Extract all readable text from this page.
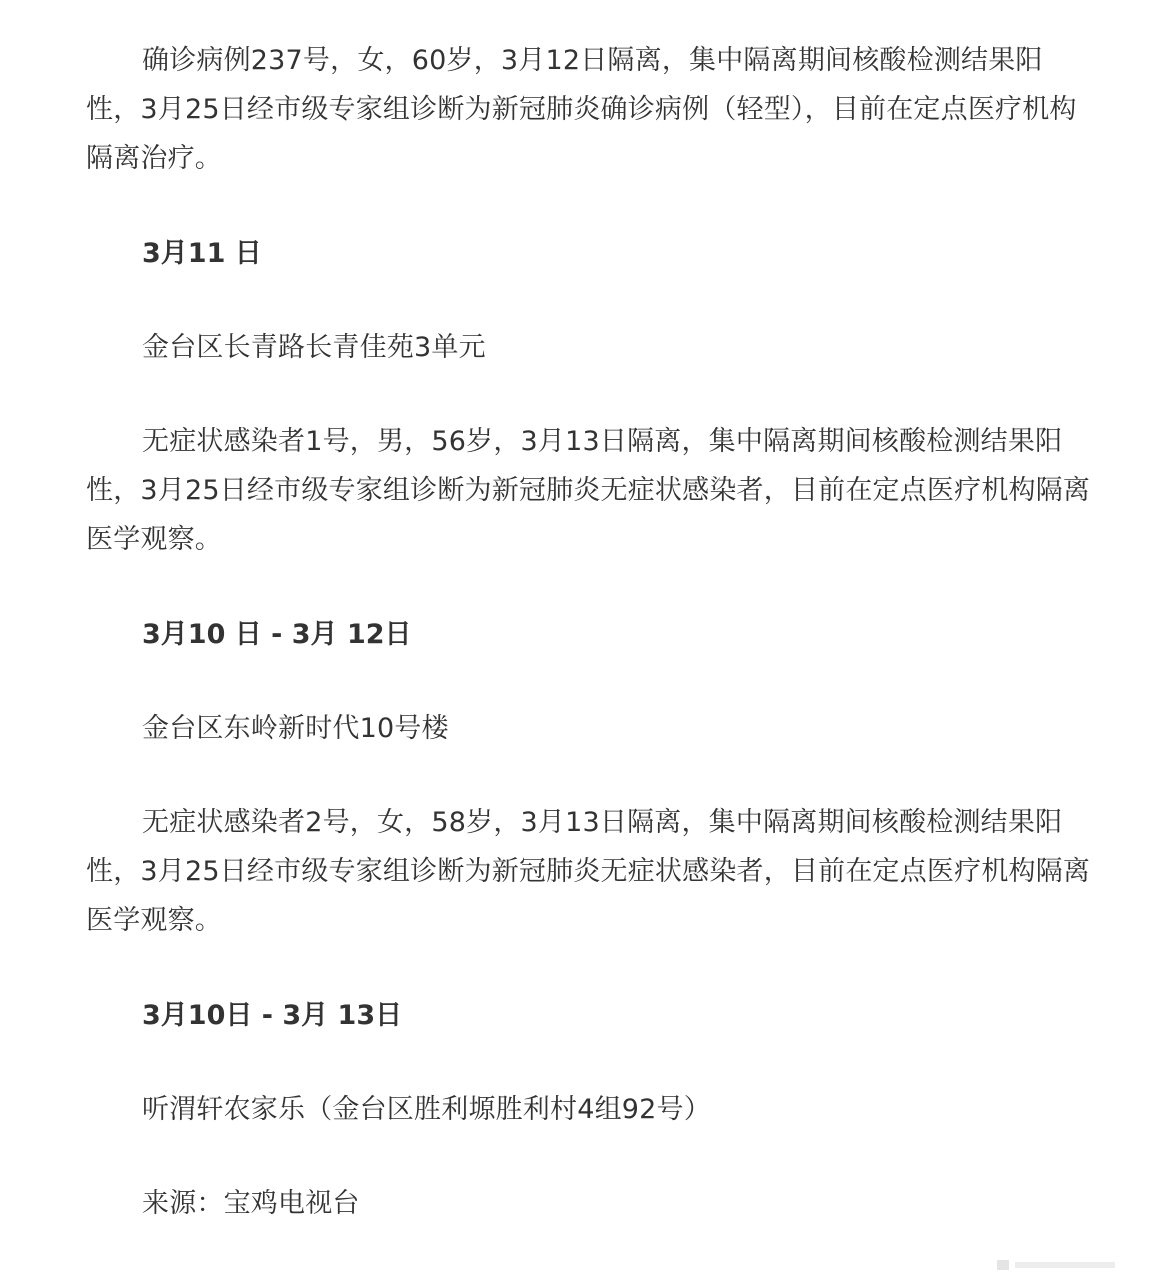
确诊病例237号，女，60岁，3月12日隔离，集中隔离期间核酸检测结果阳性，3月25日经市级专家组诊断为新冠肺炎确诊病例（轻型），目前在定点医疗机构隔离治疗。

3月11 日

金台区长青路长青佳苑3单元

无症状感染者1号，男，56岁，3月13日隔离，集中隔离期间核酸检测结果阳性，3月25日经市级专家组诊断为新冠肺炎无症状感染者，目前在定点医疗机构隔离医学观察。

3月10 日 - 3月 12日

金台区东岭新时代10号楼

无症状感染者2号，女，58岁，3月13日隔离，集中隔离期间核酸检测结果阳性，3月25日经市级专家组诊断为新冠肺炎无症状感染者，目前在定点医疗机构隔离医学观察。

3月10日 - 3月 13日

听渭轩农家乐（金台区胜利塬胜利村4组92号）

来源：宝鸡电视台
